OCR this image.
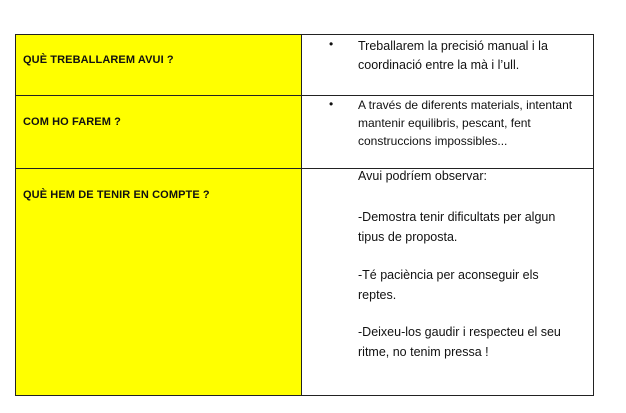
QUÈ TREBALLAREM AVUI ?
• Treballarem la precisió manual i la coordinació entre la mà i l’ull.
COM HO FAREM ?
• A través de diferents materials, intentant mantenir equilibris, pescant, fent construccions impossibles...
QUÈ HEM DE TENIR EN COMPTE ?
Avui podríem observar:
-Demostra tenir dificultats per algun tipus de proposta.
-Té paciència per aconseguir els reptes.
-Deixeu-los gaudir i respecteu el seu ritme, no tenim pressa !
